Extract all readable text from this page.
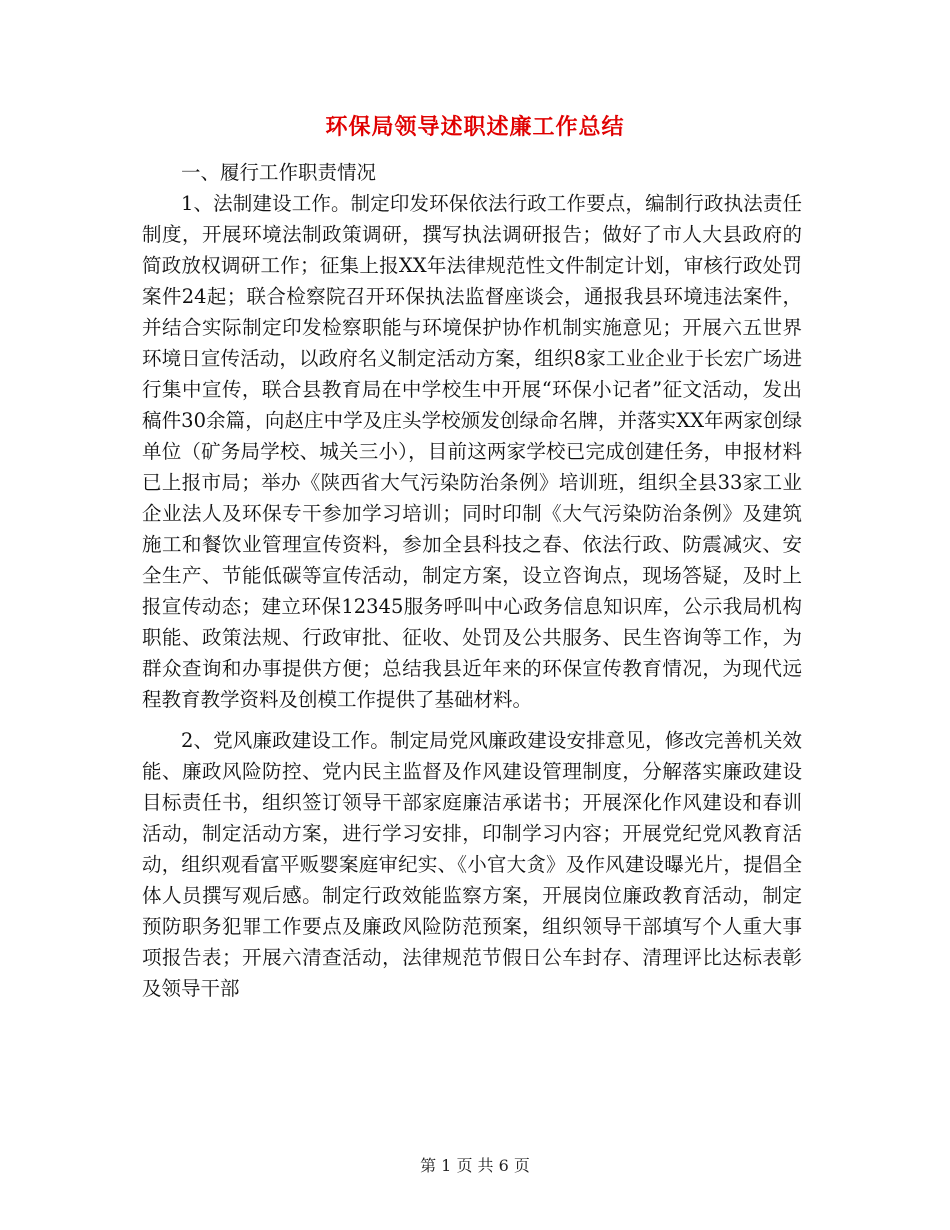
环保局领导述职述廉工作总结

一、履行工作职责情况

1、法制建设工作。制定印发环保依法行政工作要点，编制行政执法责任制度，开展环境法制政策调研，撰写执法调研报告；做好了市人大县政府的简政放权调研工作；征集上报XX年法律规范性文件制定计划，审核行政处罚案件24起；联合检察院召开环保执法监督座谈会，通报我县环境违法案件，并结合实际制定印发检察职能与环境保护协作机制实施意见；开展六五世界环境日宣传活动，以政府名义制定活动方案，组织8家工业企业于长宏广场进行集中宣传，联合县教育局在中学校生中开展“环保小记者”征文活动，发出稿件30余篇，向赵庄中学及庄头学校颁发创绿命名牌，并落实XX年两家创绿单位（矿务局学校、城关三小），目前这两家学校已完成创建任务，申报材料已上报市局；举办《陕西省大气污染防治条例》培训班，组织全县33家工业企业法人及环保专干参加学习培训；同时印制《大气污染防治条例》及建筑施工和餐饮业管理宣传资料，参加全县科技之春、依法行政、防震减灾、安全生产、节能低碳等宣传活动，制定方案，设立咨询点，现场答疑，及时上报宣传动态；建立环保12345服务呼叫中心政务信息知识库，公示我局机构职能、政策法规、行政审批、征收、处罚及公共服务、民生咨询等工作，为群众查询和办事提供方便；总结我县近年来的环保宣传教育情况，为现代远程教育教学资料及创模工作提供了基础材料。

2、党风廉政建设工作。制定局党风廉政建设安排意见，修改完善机关效能、廉政风险防控、党内民主监督及作风建设管理制度，分解落实廉政建设目标责任书，组织签订领导干部家庭廉洁承诺书；开展深化作风建设和春训活动，制定活动方案，进行学习安排，印制学习内容；开展党纪党风教育活动，组织观看富平贩婴案庭审纪实、《小官大贪》及作风建设曝光片，提倡全体人员撰写观后感。制定行政效能监察方案，开展岗位廉政教育活动，制定预防职务犯罪工作要点及廉政风险防范预案，组织领导干部填写个人重大事项报告表；开展六清查活动，法律规范节假日公车封存、清理评比达标表彰及领导干部

第 1 页 共 6 页
